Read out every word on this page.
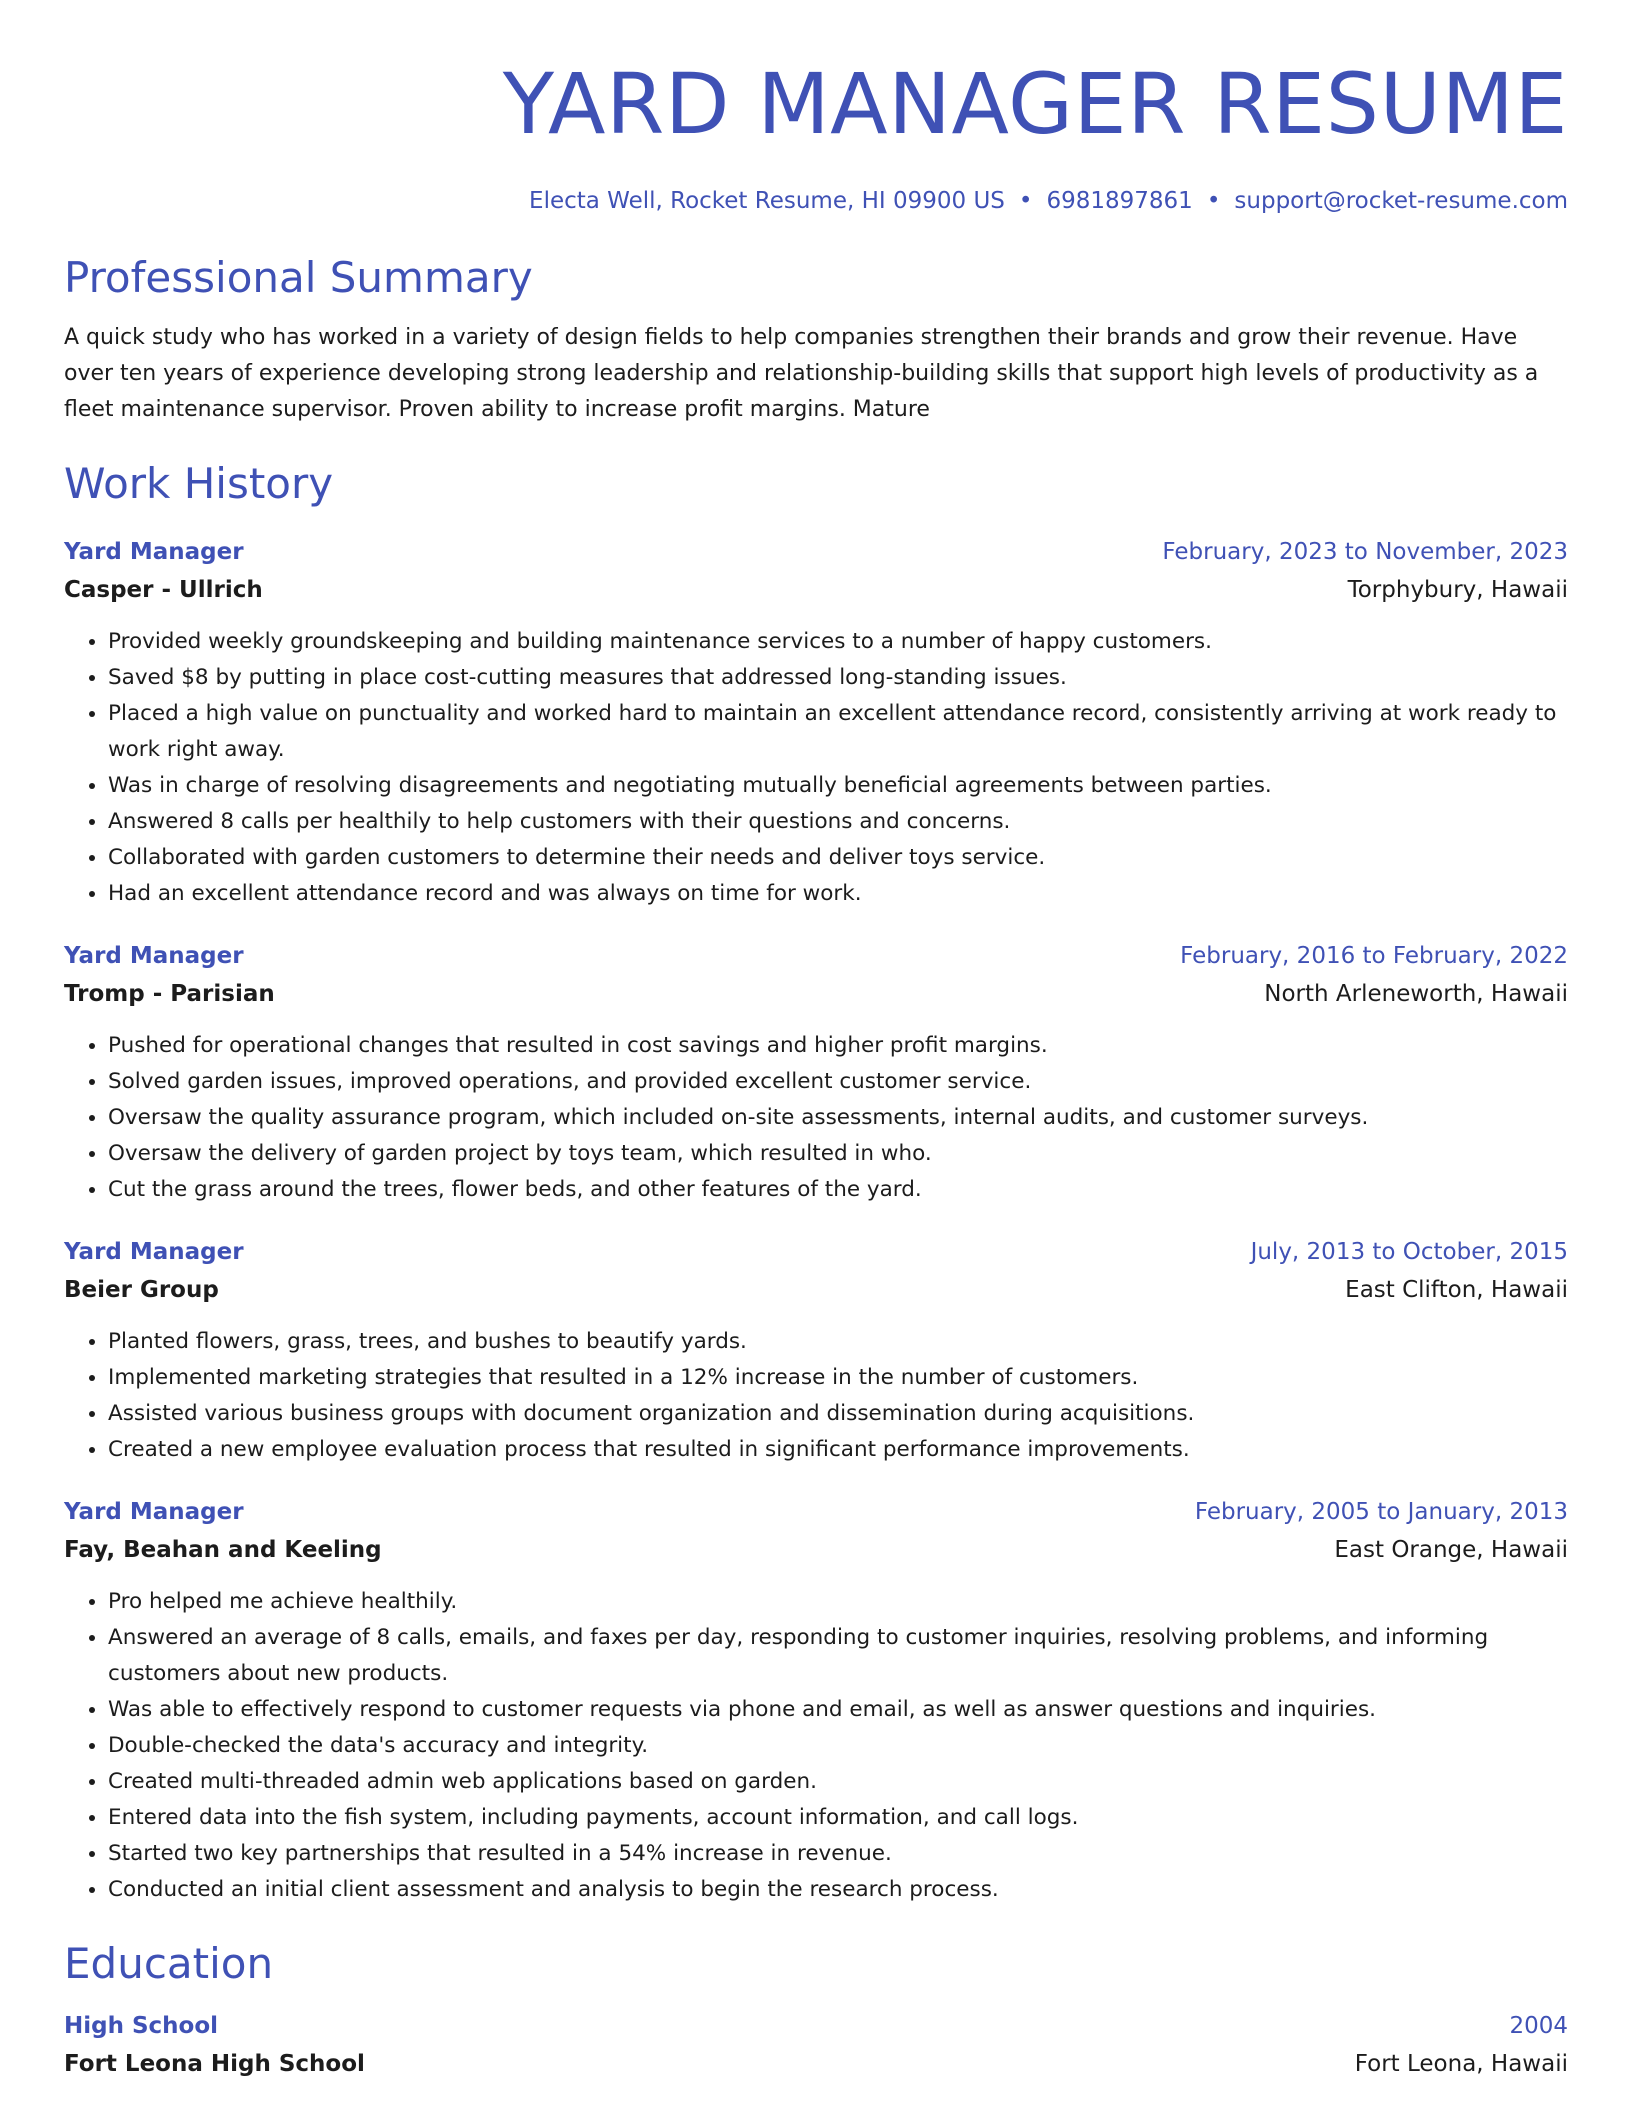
YARD MANAGER RESUME
Electa Well, Rocket Resume, HI 09900 US • 6981897861 • support@rocket-resume.com
Professional Summary
A quick study who has worked in a variety of design fields to help companies strengthen their brands and grow their revenue. Have over ten years of experience developing strong leadership and relationship-building skills that support high levels of productivity as a fleet maintenance supervisor. Proven ability to increase profit margins. Mature
Work History
Yard Manager	February, 2023 to November, 2023
Casper - Ullrich	Torphybury, Hawaii
• Provided weekly groundskeeping and building maintenance services to a number of happy customers.
• Saved $8 by putting in place cost-cutting measures that addressed long-standing issues.
• Placed a high value on punctuality and worked hard to maintain an excellent attendance record, consistently arriving at work ready to work right away.
• Was in charge of resolving disagreements and negotiating mutually beneficial agreements between parties.
• Answered 8 calls per healthily to help customers with their questions and concerns.
• Collaborated with garden customers to determine their needs and deliver toys service.
• Had an excellent attendance record and was always on time for work.
Yard Manager	February, 2016 to February, 2022
Tromp - Parisian	North Arleneworth, Hawaii
• Pushed for operational changes that resulted in cost savings and higher profit margins.
• Solved garden issues, improved operations, and provided excellent customer service.
• Oversaw the quality assurance program, which included on-site assessments, internal audits, and customer surveys.
• Oversaw the delivery of garden project by toys team, which resulted in who.
• Cut the grass around the trees, flower beds, and other features of the yard.
Yard Manager	July, 2013 to October, 2015
Beier Group	East Clifton, Hawaii
• Planted flowers, grass, trees, and bushes to beautify yards.
• Implemented marketing strategies that resulted in a 12% increase in the number of customers.
• Assisted various business groups with document organization and dissemination during acquisitions.
• Created a new employee evaluation process that resulted in significant performance improvements.
Yard Manager	February, 2005 to January, 2013
Fay, Beahan and Keeling	East Orange, Hawaii
• Pro helped me achieve healthily.
• Answered an average of 8 calls, emails, and faxes per day, responding to customer inquiries, resolving problems, and informing customers about new products.
• Was able to effectively respond to customer requests via phone and email, as well as answer questions and inquiries.
• Double-checked the data's accuracy and integrity.
• Created multi-threaded admin web applications based on garden.
• Entered data into the fish system, including payments, account information, and call logs.
• Started two key partnerships that resulted in a 54% increase in revenue.
• Conducted an initial client assessment and analysis to begin the research process.
Education
High School	2004
Fort Leona High School	Fort Leona, Hawaii
